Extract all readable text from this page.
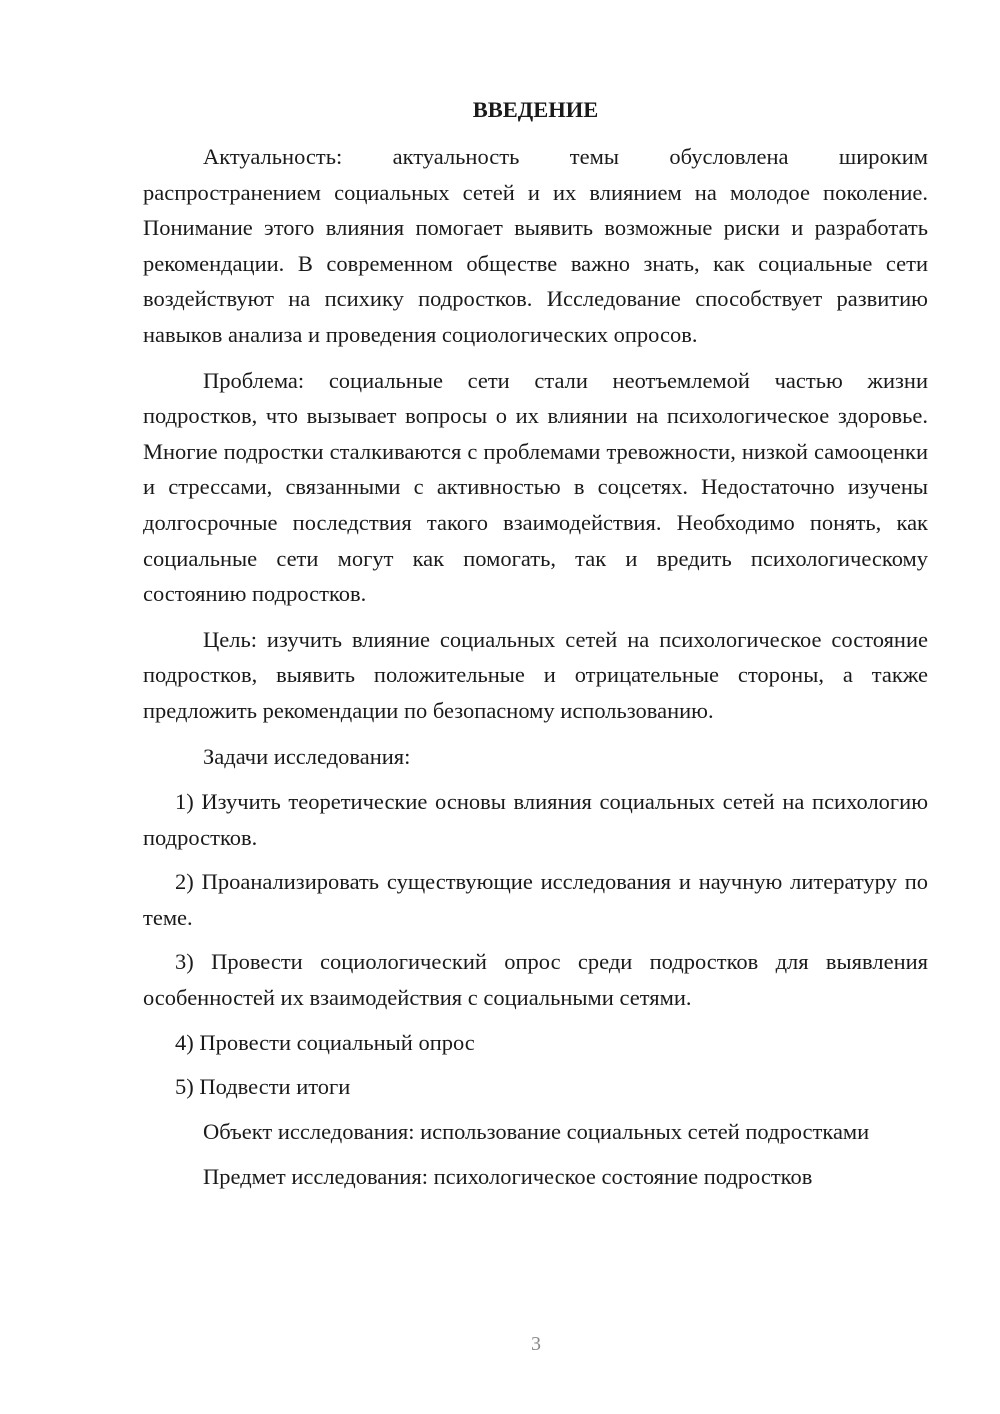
ВВЕДЕНИЕ

Актуальность: актуальность темы обусловлена широким распространением социальных сетей и их влиянием на молодое поколение. Понимание этого влияния помогает выявить возможные риски и разработать рекомендации. В современном обществе важно знать, как социальные сети воздействуют на психику подростков. Исследование способствует развитию навыков анализа и проведения социологических опросов.

Проблема: социальные сети стали неотъемлемой частью жизни подростков, что вызывает вопросы о их влиянии на психологическое здоровье. Многие подростки сталкиваются с проблемами тревожности, низкой самооценки и стрессами, связанными с активностью в соцсетях. Недостаточно изучены долгосрочные последствия такого взаимодействия. Необходимо понять, как социальные сети могут как помогать, так и вредить психологическому состоянию подростков.

Цель: изучить влияние социальных сетей на психологическое состояние подростков, выявить положительные и отрицательные стороны, а также предложить рекомендации по безопасному использованию.

Задачи исследования:

1) Изучить теоретические основы влияния социальных сетей на психологию подростков.

2) Проанализировать существующие исследования и научную литературу по теме.

3) Провести социологический опрос среди подростков для выявления особенностей их взаимодействия с социальными сетями.

4) Провести социальный опрос

5) Подвести итоги

Объект исследования: использование социальных сетей подростками

Предмет исследования: психологическое состояние подростков

3
